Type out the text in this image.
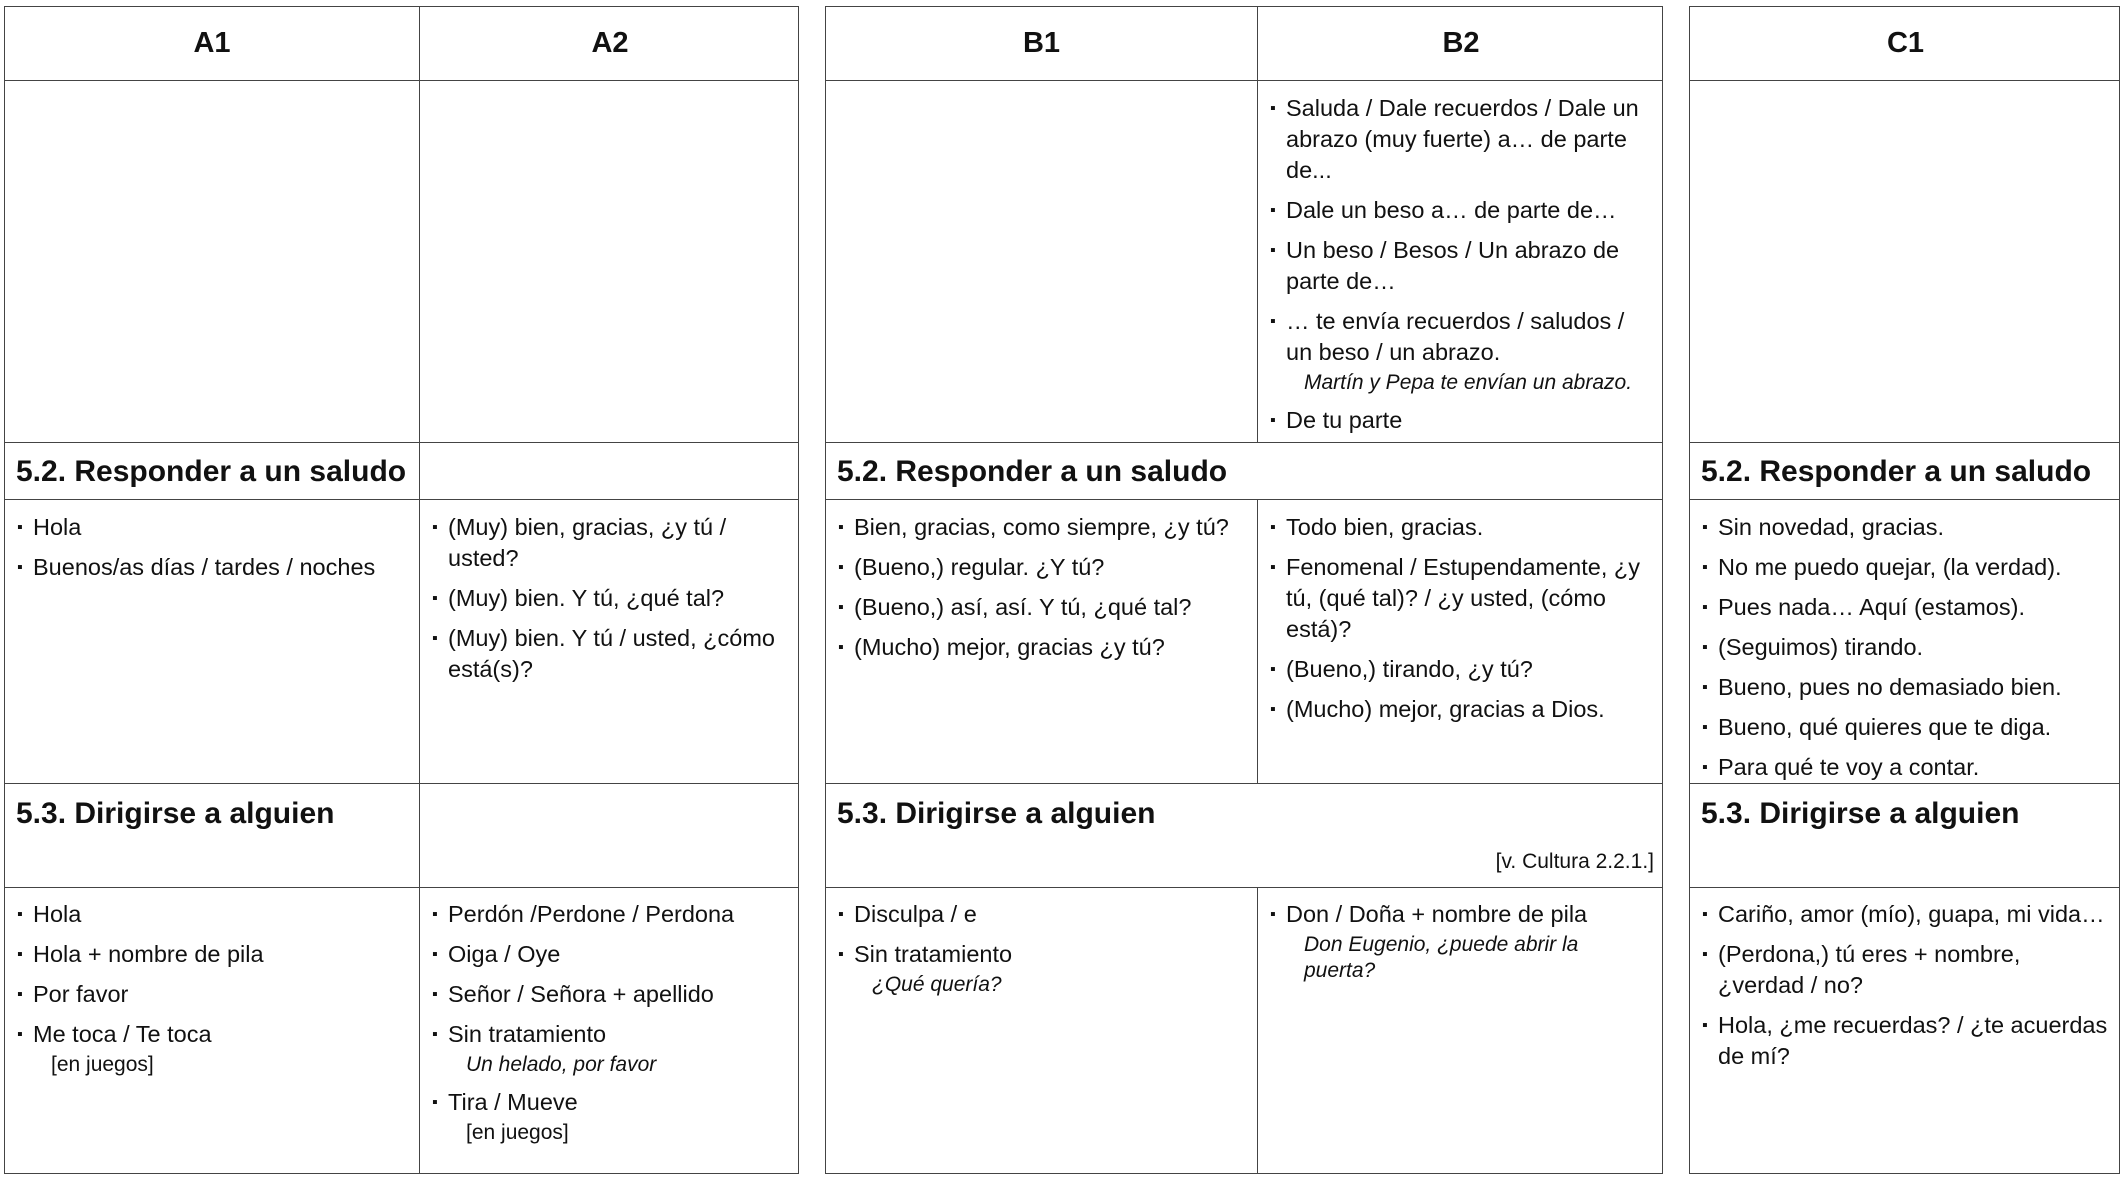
A1	A2
5.2. Responder a un saludo
5.3. Dirigirse a alguien
▪ Hola
▪ Buenos/as días / tardes / noches
▪ (Muy) bien, gracias, ¿y tú / usted?
▪ (Muy) bien. Y tú, ¿qué tal?
▪ (Muy) bien. Y tú / usted, ¿cómo está(s)?
▪ Hola
▪ Hola + nombre de pila
▪ Por favor
▪ Me toca / Te toca
[en juegos]
▪ Perdón /Perdone / Perdona
▪ Oiga / Oye
▪ Señor / Señora + apellido
▪ Sin tratamiento
Un helado, por favor
▪ Tira / Mueve
[en juegos]
B1	B2
▪ Saluda / Dale recuerdos / Dale un abrazo (muy fuerte) a… de parte de...
▪ Dale un beso a… de parte de…
▪ Un beso / Besos / Un abrazo de parte de…
▪ … te envía recuerdos / saludos / un beso / un abrazo.
Martín y Pepa te envían un abrazo.
▪ De tu parte
5.2. Responder a un saludo
5.3. Dirigirse a alguien
[v. Cultura 2.2.1.]
▪ Bien, gracias, como siempre, ¿y tú?
▪ (Bueno,) regular. ¿Y tú?
▪ (Bueno,) así, así. Y tú, ¿qué tal?
▪ (Mucho) mejor, gracias ¿y tú?
▪ Todo bien, gracias.
▪ Fenomenal / Estupendamente, ¿y tú, (qué tal)? / ¿y usted, (cómo está)?
▪ (Bueno,) tirando, ¿y tú?
▪ (Mucho) mejor, gracias a Dios.
▪ Disculpa / e
▪ Sin tratamiento
¿Qué quería?
▪ Don / Doña + nombre de pila
Don Eugenio, ¿puede abrir la puerta?
C1
5.2. Responder a un saludo
5.3. Dirigirse a alguien
▪ Sin novedad, gracias.
▪ No me puedo quejar, (la verdad).
▪ Pues nada… Aquí (estamos).
▪ (Seguimos) tirando.
▪ Bueno, pues no demasiado bien.
▪ Bueno, qué quieres que te diga.
▪ Para qué te voy a contar.
▪ Cariño, amor (mío), guapa, mi vida…
▪ (Perdona,) tú eres + nombre, ¿verdad / no?
▪ Hola, ¿me recuerdas? / ¿te acuerdas de mí?
